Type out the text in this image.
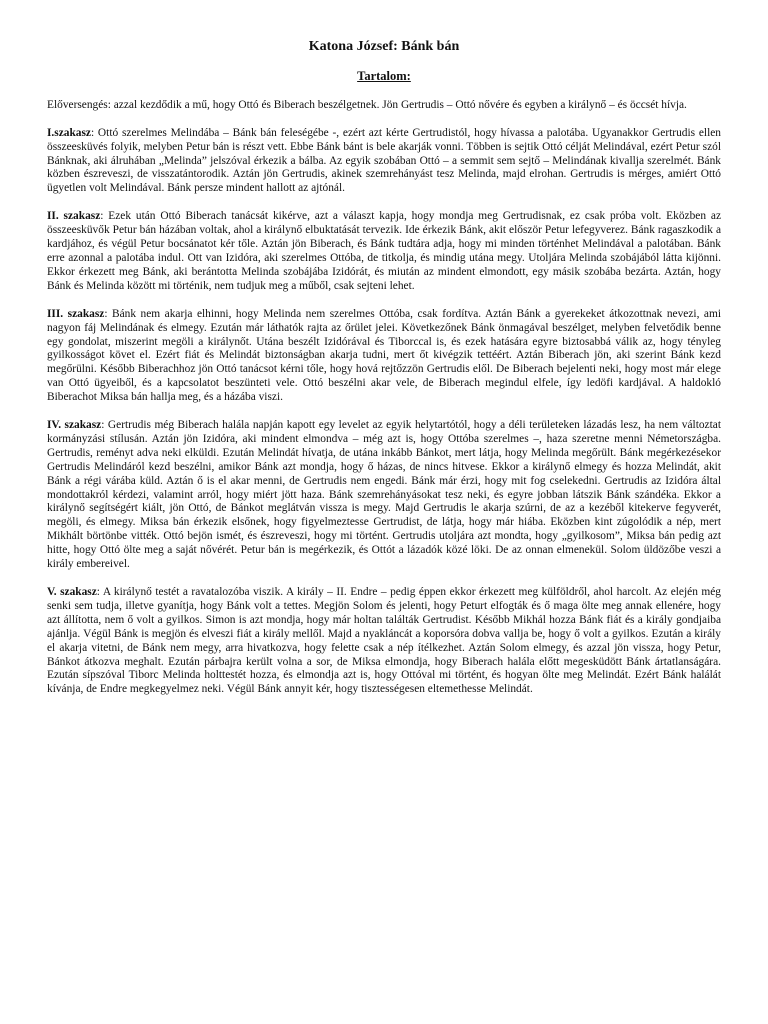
Katona József: Bánk bán
Tartalom:

Előversengés: azzal kezdődik a mű, hogy Ottó és Biberach beszélgetnek. Jön Gertrudis – Ottó nővére és egyben a királynő – és öccsét hívja.

I.szakasz: Ottó szerelmes Melindába – Bánk bán feleségébe -, ezért azt kérte Gertrudistól, hogy hívassa a palotába. Ugyanakkor Gertrudis ellen összeesküvés folyik, melyben Petur bán is részt vett. Ebbe Bánk bánt is bele akarják vonni. Többen is sejtik Ottó célját Melindával, ezért Petur szól Bánknak, aki álruhában „Melinda” jelszóval érkezik a bálba. Az egyik szobában Ottó – a semmit sem sejtő – Melindának kivallja szerelmét. Bánk közben észreveszi, de visszatántorodik. Aztán jön Gertrudis, akinek szemrehányást tesz Melinda, majd elrohan. Gertrudis is mérges, amiért Ottó ügyetlen volt Melindával. Bánk persze mindent hallott az ajtónál.

II. szakasz: Ezek után Ottó Biberach tanácsát kikérve, azt a választ kapja, hogy mondja meg Gertrudisnak, ez csak próba volt. Eközben az összeesküvők Petur bán házában voltak, ahol a királynő elbuktatását tervezik. Ide érkezik Bánk, akit először Petur lefegyverez. Bánk ragaszkodik a kardjához, és végül Petur bocsánatot kér tőle. Aztán jön Biberach, és Bánk tudtára adja, hogy mi minden történhet Melindával a palotában. Bánk erre azonnal a palotába indul. Ott van Izidóra, aki szerelmes Ottóba, de titkolja, és mindig utána megy. Utoljára Melinda szobájából látta kijönni. Ekkor érkezett meg Bánk, aki berántotta Melinda szobájába Izidórát, és miután az mindent elmondott, egy másik szobába bezárta. Aztán, hogy Bánk és Melinda között mi történik, nem tudjuk meg a műből, csak sejteni lehet.

III. szakasz: Bánk nem akarja elhinni, hogy Melinda nem szerelmes Ottóba, csak fordítva. Aztán Bánk a gyerekeket átkozottnak nevezi, ami nagyon fáj Melindának és elmegy. Ezután már láthatók rajta az őrület jelei. Következőnek Bánk önmagával beszélget, melyben felvetődik benne egy gondolat, miszerint megöli a királynőt. Utána beszélt Izidórával és Tiborccal is, és ezek hatására egyre biztosabbá válik az, hogy tényleg gyilkosságot követ el. Ezért fiát és Melindát biztonságban akarja tudni, mert őt kivégzik tettéért. Aztán Biberach jön, aki szerint Bánk kezd megőrülni. Később Biberachhoz jön Ottó tanácsot kérni tőle, hogy hová rejtőzzön Gertrudis elől. De Biberach bejelenti neki, hogy most már elege van Ottó ügyeiből, és a kapcsolatot beszünteti vele. Ottó beszélni akar vele, de Biberach megindul elfele, így ledöfi kardjával. A haldokló Biberachot Miksa bán hallja meg, és a házába viszi.

IV. szakasz: Gertrudis még Biberach halála napján kapott egy levelet az egyik helytartótól, hogy a déli területeken lázadás lesz, ha nem változtat kormányzási stílusán. Aztán jön Izidóra, aki mindent elmondva – még azt is, hogy Ottóba szerelmes –, haza szeretne menni Németországba. Gertrudis, reményt adva neki elküldi. Ezután Melindát hívatja, de utána inkább Bánkot, mert látja, hogy Melinda megőrült. Bánk megérkezésekor Gertrudis Melindáról kezd beszélni, amikor Bánk azt mondja, hogy ő házas, de nincs hitvese. Ekkor a királynő elmegy és hozza Melindát, akit Bánk a régi várába küld. Aztán ő is el akar menni, de Gertrudis nem engedi. Bánk már érzi, hogy mit fog cselekedni. Gertrudis az Izidóra által mondottakról kérdezi, valamint arról, hogy miért jött haza. Bánk szemrehányásokat tesz neki, és egyre jobban látszik Bánk szándéka. Ekkor a királynő segítségért kiált, jön Ottó, de Bánkot meglátván vissza is megy. Majd Gertrudis le akarja szúrni, de az a kezéből kitekerve fegyverét, megöli, és elmegy. Miksa bán érkezik elsőnek, hogy figyelmeztesse Gertrudist, de látja, hogy már hiába. Eközben kint zúgolódik a nép, mert Mikhált börtönbe vitték. Ottó bejön ismét, és észreveszi, hogy mi történt. Gertrudis utoljára azt mondta, hogy „gyilkosom”, Miksa bán pedig azt hitte, hogy Ottó ölte meg a saját nővérét. Petur bán is megérkezik, és Ottót a lázadók közé löki. De az onnan elmenekül. Solom üldözőbe veszi a király embereivel.

V. szakasz: A királynő testét a ravatalozóba viszik. A király – II. Endre – pedig éppen ekkor érkezett meg külföldről, ahol harcolt. Az elején még senki sem tudja, illetve gyanítja, hogy Bánk volt a tettes. Megjön Solom és jelenti, hogy Peturt elfogták és ő maga ölte meg annak ellenére, hogy azt állította, nem ő volt a gyilkos. Simon is azt mondja, hogy már holtan találták Gertrudist. Később Mikhál hozza Bánk fiát és a király gondjaiba ajánlja. Végül Bánk is megjön és elveszi fiát a király mellől. Majd a nyakláncát a koporsóra dobva vallja be, hogy ő volt a gyilkos. Ezután a király el akarja vitetni, de Bánk nem megy, arra hivatkozva, hogy felette csak a nép ítélkezhet. Aztán Solom elmegy, és azzal jön vissza, hogy Petur, Bánkot átkozva meghalt. Ezután párbajra került volna a sor, de Miksa elmondja, hogy Biberach halála előtt megesküdött Bánk ártatlanságára. Ezután sípszóval Tiborc Melinda holttestét hozza, és elmondja azt is, hogy Ottóval mi történt, és hogyan ölte meg Melindát. Ezért Bánk halálát kívánja, de Endre megkegyelmez neki. Végül Bánk annyit kér, hogy tisztességesen eltemethesse Melindát.
